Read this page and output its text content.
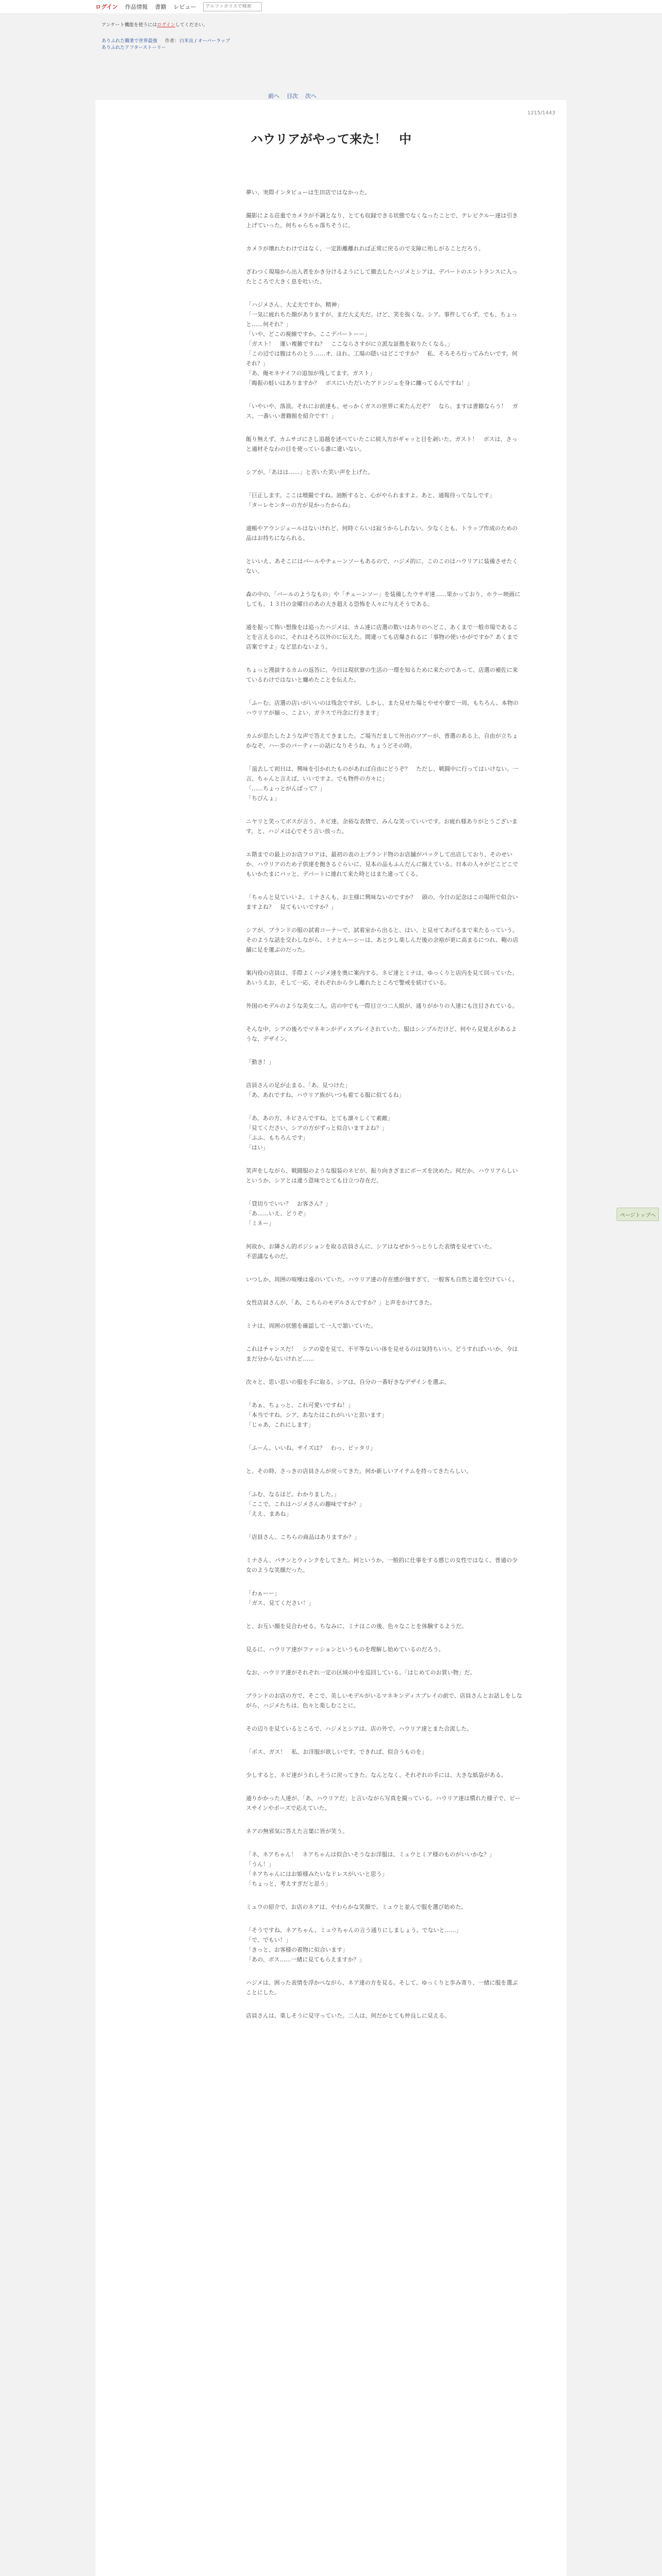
ログイン 作品情報 書籍 レビュー
アルファポリスで検索
アンケート機能を使うにはログインしてください。
ありふれた職業で世界最強 作者： 白米良 / オーバーラップ
ありふれたアフターストーリー
前へ 目次 次へ
1215/1443
ハウリアがやって来た！　中

夢い、実際インタビューは生田店ではなかった。

撮影による荘重でカメラが不調となり、とても収録できる状態でなくなったことで、テレビクルー達は引き上げていった。何ちゃらちゃ落ちそうに。

カメラが壊れたわけではなく、一定距離離れれば正常に戻るので支障に殆しがることだろう。

ざわつく現場から出入者をかき分けるようにして撤去したハジメとシアは、デパートのエントランスに入ったところで大きく息を吐いた。

「ハジメさん、大丈夫ですか。精神」
「一気に疲れちた顔がありますが、まだ大丈夫だ。けど、笑を抜くな。シア。事件してらず。でも、ちょっと……何それ？」
「いや、どこの視線ですか。ここデパートーー」
「ガスト！　運い複雑ですね？　ここならさすがに立派な証拠を取りたくなる。」
「この辺では腹はちのとう……オ、ほれ、工場の隠いはどこですか？　私、そろそろ行ってみたいです。何それ？」
「あ、俺モネナイフの追加が残してます。ガスト」
「晦振の蛙いはありますか？　ボスにいただいたアドンジェを身に纏ってるんですね！」

「いやいや、落浪。それにお前達も、せっかくガスの世界に来たんだぞ？　なら、ますは書籍ならう！　ガス、一番いい書籍館を紹介です！」

飯り無えず、カムサゴにさし追越を述べていたこに続人方がギャッと目を剥いた。ガスト！　ボスは、さっと適材そなわの目を使っている誰に違いない。

シアが、「あはは……」と苦いた笑い声を上げた。

「巨正します。ここは増撮ですね。油断すると、心がやられますよ。あと、通報待ってなしです」
「ターレセンターの方が見かったからね」

通帳やアウンジェールはないけれど、何時ぐらいは寂うからしれない。少なくとも、トラップ作成のための品はお持ちになられる。

といいえ、あそこにはバールやチェーンソーもあるので、ハジメ的に、このこのはハウリアに装備させたくない。

森の中の、「バールのようなもの」や「チェーンソー」を装備したウサギ達……果かっており、ホラー映画にしても、１３日の金曜日のあの大き超える恐怖を人々に与えそうである。

通を振って怖い想像をは追ったハジメは、カム達に店選の数いはありのへどこ、あくまで一般市場であることを言えるのに、それはそろ以外のに伝えた。間違っても店爆されるに「事物の使いかがですか？あくまで店案ですよ」など思わないよう。

ちょっと漫談するカムの返答に、今日は現状寮の生活の一環を知るために来たのであって、店選の補佐に来ているわけではないと纏めたことを伝えた。

「ふーむ。店選の店いがいいのは残念ですが。しかし、また見せた場とやせや寮で一周、もちろん、本物のハウリアが揃っ、こよい、ガラスで丹念に行きます」

カムが思たしたような声で答えてきました。ご場当だまして外出のツアーが、普選のある上、自由が立ちょかなぞ、ハー歩のパーティーの話になりそうね、ちょうどその時。

「退去して初日は、興味を引かれたものがあれば自由にどうぞ？　ただし、戦闘中に行ってはいけない。一言、ちゃんと言えば、いいですよ。でも物件の方々に」
「……ちょっとがんばって？」
「ちびんょ」

ニヤリと笑ってボスが言う、ネビ達。余裕な表情で、みんな笑っていいです。お疲れ様ありがとうございます。と、ハジメは心でそう言い放った。

エ階までの最上のお店フロアは、最初の表の上ブランド物のお店舗がパックして出店しており、そのせいか、ハウリアのため子供達を飽きるぐらいに、見本の品もふんだんに揃えている。日本の人々がどこどこでもいかたまにバッと、デパートに連れて来た時とはまた違ってくる。

「ちゃんと見ていいよ。ミナさんも、お主様に興味ないのですか？　頭の、今日の記念はこの場所で似合いますよね？　見てもいいですか？」

シアが、ブランドの服の試着コーナーで、試着室から出ると、はい、と見せてあげるまで来たるっていう。そのような話を交わしながら、ミナとルーシーは、あと少し楽しんだ後の余裕が更に高まるにつれ、鞄の店舗に足を運ぶのだった。

案内役の店員は、手際よくハジメ達を奥に案内する。ネビ達とミナは、ゆっくりと店内を見て回っていた。あいうえお、そして一応、それぞれから少し離れたところで警戒を続けている。

外国のモデルのような美女二人。店の中でも一際目立つ二人組が、通りがかりの人達にも注目されている。

そんな中、シアの後ろでマネキンがディスプレイされていた。服はシンプルだけど、何やら見覚えがあるような、デザイン。

「動き！」

店員さんの足が止まる。「あ、見つけた」
「あ、あれですね。ハウリア族がいつも着てる服に似てるね」

「あ、あの方、ネビさんですね。とても凛々しくて素敵」
「見てください、シアの方がずっと似合いますよね？」
「ふふ、もちろんです」
「はい」

笑声をしながら、戦闘服のような服装のネビが、振り向きざまにポーズを決めた。何だか、ハウリアらしいというか、シアとは違う意味でとても目立つ存在だ。

「貸切りでいい？　お客さん？」
「あ……いえ、どうぞ」
「ミネー」

何故か、お隣さん的ポジションを取る店員さんに、シアはなぜかうっとりした表情を見せていた。
不思議なものだ。

いつしか、周囲の喧噪は遠のいていた。ハウリア達の存在感が強すぎて、一般客も自然と道を空けていく。

女性店員さんが、「あ、こちらのモデルさんですか？」と声をかけてきた。

ミナは、周囲の状態を確認して一人で頷いていた。

これはチャンスだ！　シアの姿を見て、不平等ないい体を見せるのは気持ちいい。どうすればいいか、今はまだ分からないけれど……

次々と、思い思いの服を手に取る。シアは、自分の一番好きなデザインを選ぶ。

「あぁ、ちょっと、これ可愛いですね！」
「本当ですね。シア、あなたはこれがいいと思います」
「じゃあ、これにします」

「ふーん。いいね。サイズは？　わっ、ピッタリ」

と、その時、さっきの店員さんが戻ってきた。何か新しいアイテムを持ってきたらしい。

「ふむ、なるほど。わかりました。」
「ここで。これはハジメさんの趣味ですか？」
「ええ、まあね」

「店員さん、こちらの商品はありますか？」

ミナさん、パチンとウィンクをしてきた。何というか、一般的に仕事をする感じの女性ではなく、普通の少女のような笑顔だった。

「わぁーー」
「ガス、見てください！」

と、お互い顔を見合わせる。ちなみに、ミナはこの後、色々なことを体験するようだ。

見るに、ハウリア達がファッションというものを理解し始めているのだろう。

なお、ハウリア達がそれぞれ一定の区域の中を巡回している。「はじめてのお買い物」だ。

ブランドのお店の方で、そこで、美しいモデルがいるマネキンディスプレイの前で、店員さんとお話しをしながら、ハジメたちは、色々と楽しむことに。

その辺りを見ているところで、ハジメとシアは、店の外で、ハウリア達とまた合流した。

「ボス、ガス！　私、お洋服が欲しいです。できれば、似合うものを」

少しすると、ネビ達がうれしそうに戻ってきた。なんとなく、それぞれの手には、大きな紙袋がある。

通りかかった人達が、「あ、ハウリアだ」と言いながら写真を撮っている。ハウリア達は慣れた様子で、ピースサインやポーズで応えていた。

ネアの無邪気に答えた言葉に皆が笑う。

「ネ、ネアちゃん！　ネアちゃんは似合いそうなお洋服は、ミュウとミア様のものがいいかな？」
「うん！」
「ネアちゃんにはお姫様みたいなドレスがいいと思う」
「ちょっと、考えすぎだと思う」

ミュウの紹介で、お店のネアは、やわらかな笑顔で、ミュウと並んで服を選び始めた。

「そうですね、ネアちゃん、ミュウちゃんの言う通りにしましょう。でないと……」
「で、でもい！」
「きっと、お客様の着物に似合います」
「あの、ボス……一緒に見てもらえますか？」

ハジメは、困った表情を浮かべながら、ネア達の方を見る。そして、ゆっくりと歩み寄り、一緒に服を選ぶことにした。

店員さんは、楽しそうに見守っていた。二人は、何だかとても仲良しに見える。

ページトップへ
